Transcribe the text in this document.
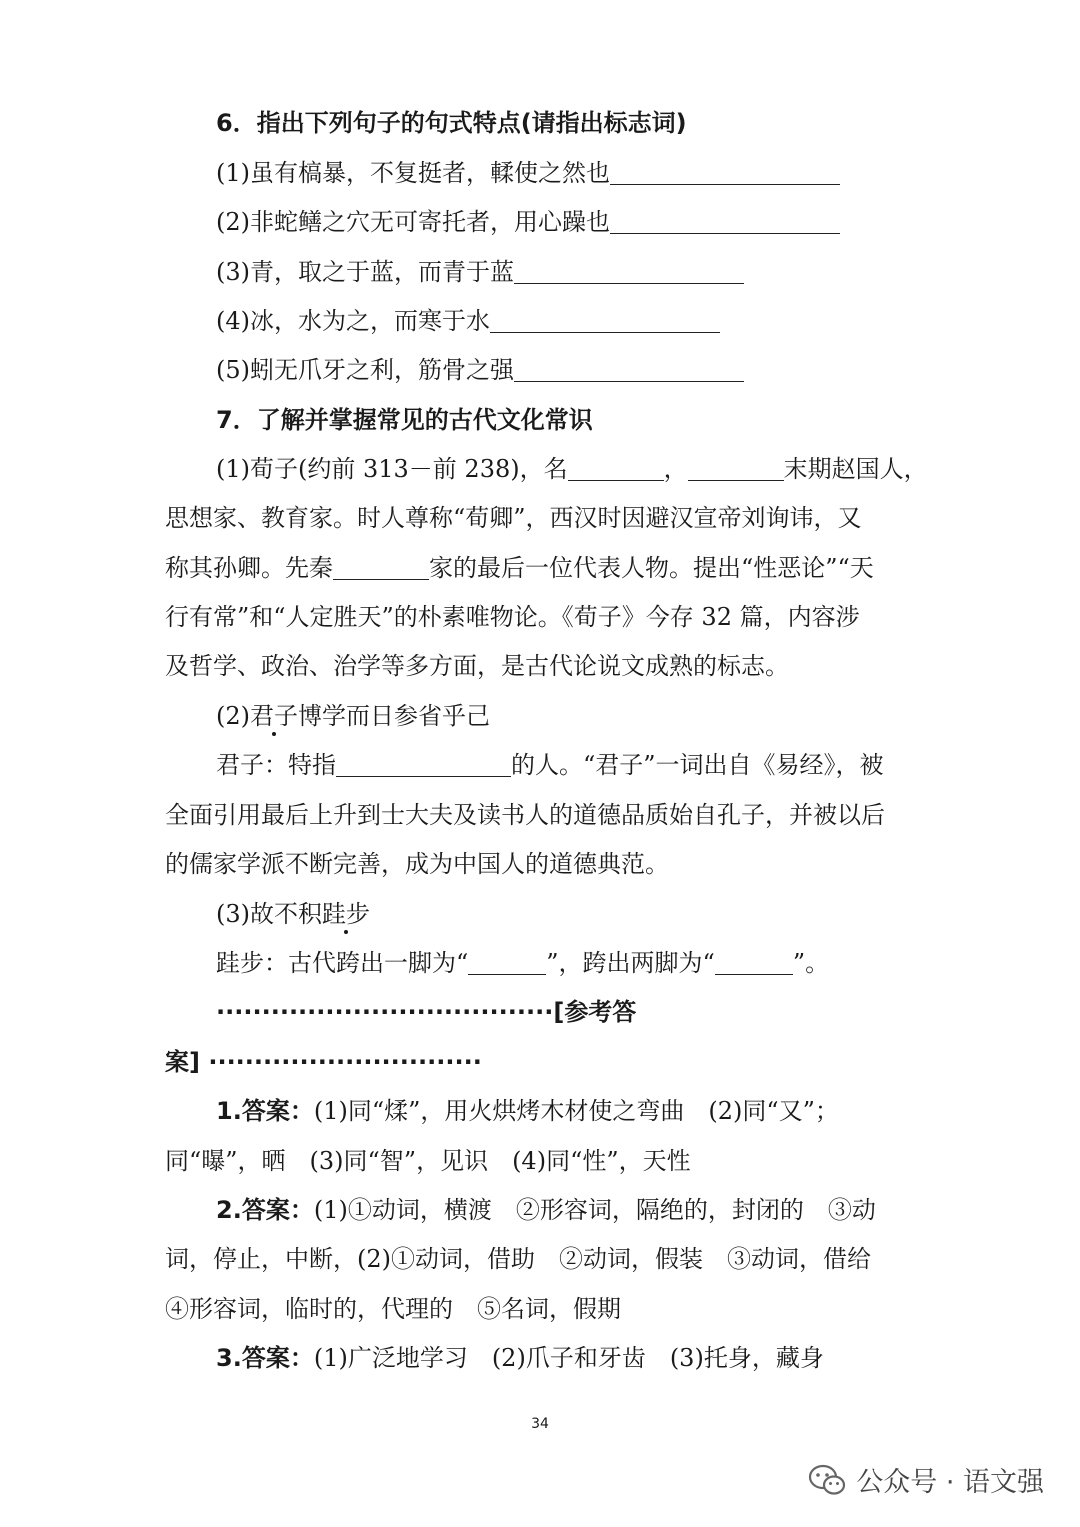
6．指出下列句子的句式特点(请指出标志词)
(1)虽有槁暴，不复挺者，輮使之然也
(2)非蛇鳝之穴无可寄托者，用心躁也
(3)青，取之于蓝，而青于蓝
(4)冰，水为之，而寒于水
(5)蚓无爪牙之利，筋骨之强
7．了解并掌握常见的古代文化常识
(1)荀子(约前 313－前 238)，名	，	末期赵国人，
思想家、教育家。时人尊称“荀卿”，西汉时因避汉宣帝刘询讳，又
称其孙卿。先秦	家的最后一位代表人物。提出“性恶论”“天
行有常”和“人定胜天”的朴素唯物论。《荀子》今存 32 篇，内容涉
及哲学、政治、治学等多方面，是古代论说文成熟的标志。
(2)君子博学而日参省乎己
君子：特指	的人。“君子”一词出自《易经》，被
全面引用最后上升到士大夫及读书人的道德品质始自孔子，并被以后
的儒家学派不断完善，成为中国人的道德典范。
(3)故不积跬步
跬步：古代跨出一脚为“	”，跨出两脚为“	”。
·····································[参考答
案] ······························
1.答案：(1)同“煣”，用火烘烤木材使之弯曲　(2)同“又”；
同“曝”，晒　(3)同“智”，见识　(4)同“性”，天性
2.答案：(1)①动词，横渡　②形容词，隔绝的，封闭的　③动
词，停止，中断，(2)①动词，借助　②动词，假装　③动词，借给
④形容词，临时的，代理的　⑤名词，假期
3.答案：(1)广泛地学习　(2)爪子和牙齿　(3)托身，藏身
34
公众号 · 语文强
